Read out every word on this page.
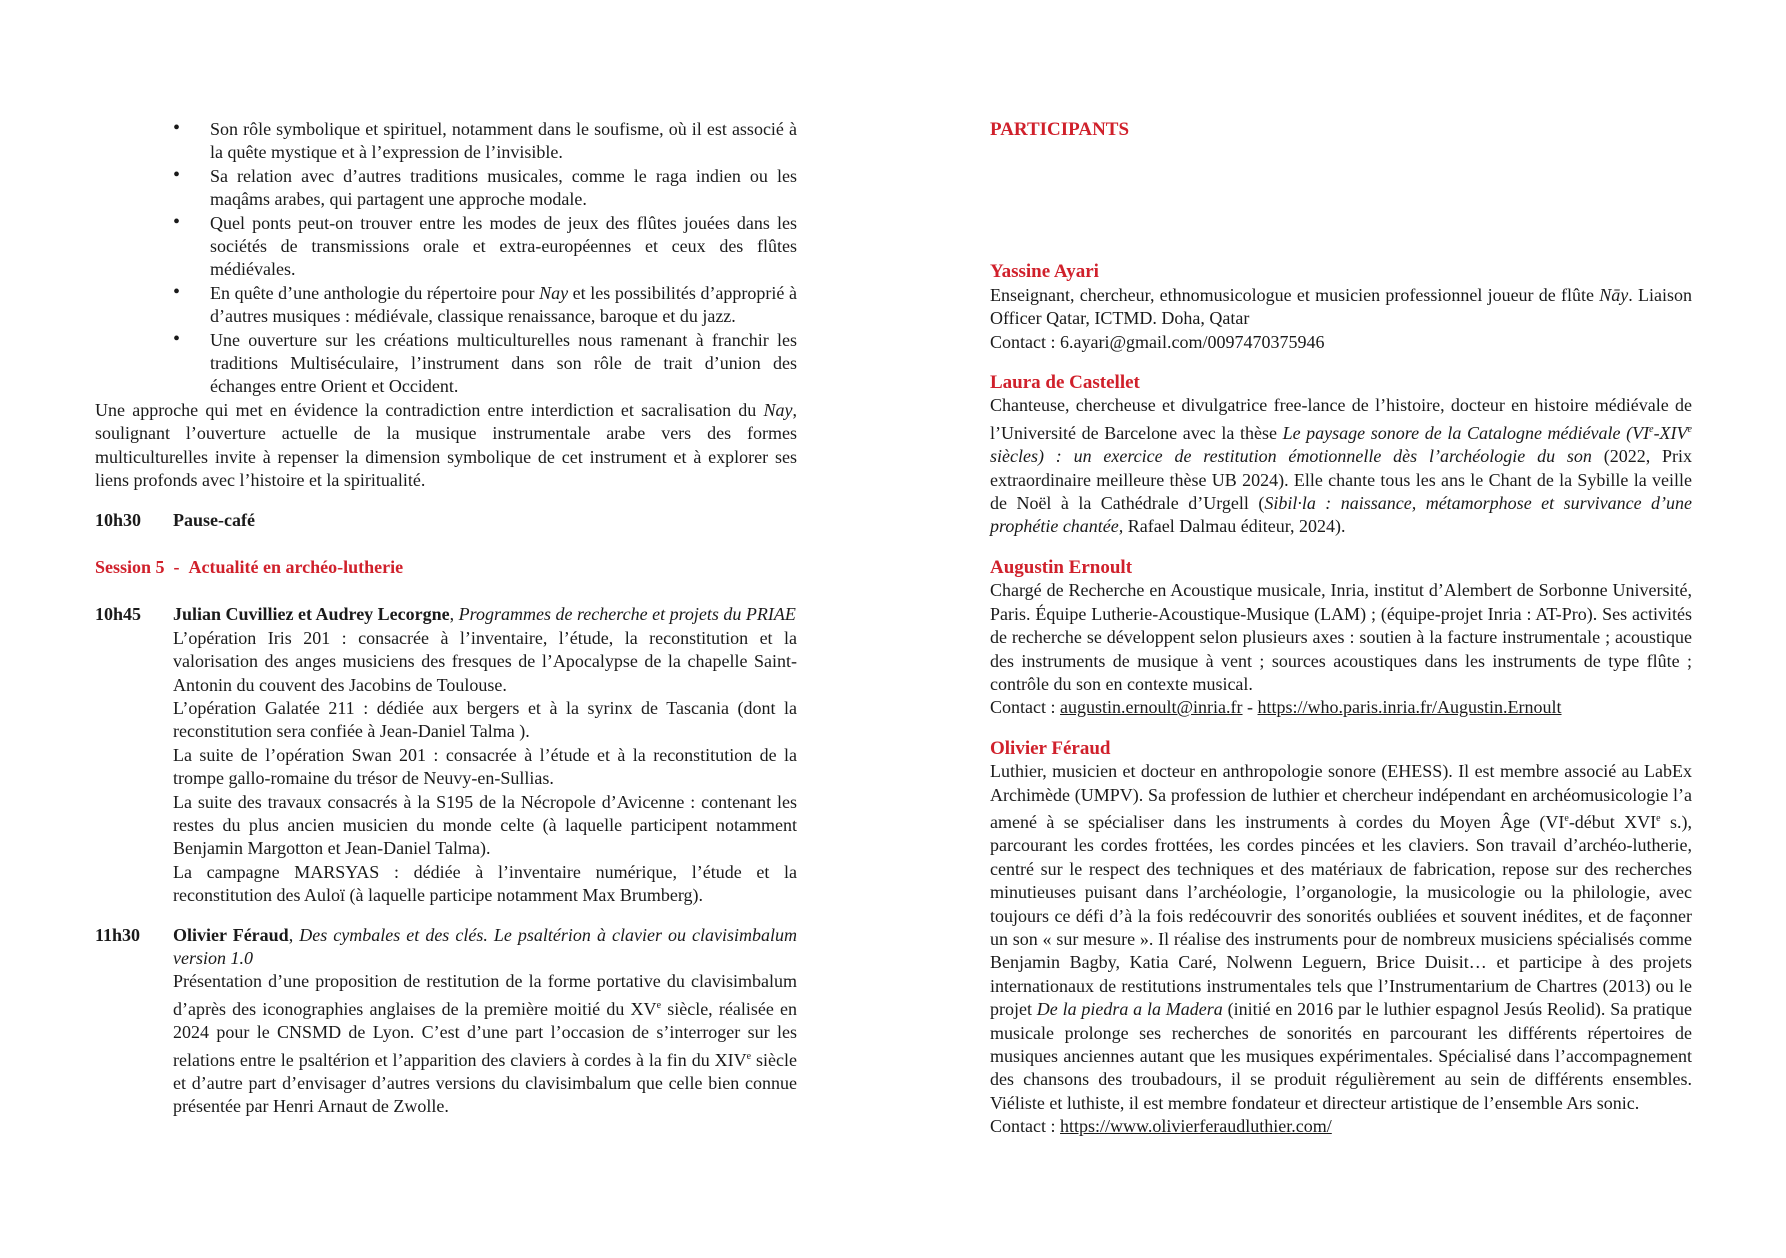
• Son rôle symbolique et spirituel, notamment dans le soufisme, où il est associé à la quête mystique et à l’expression de l’invisible.
• Sa relation avec d’autres traditions musicales, comme le raga indien ou les maqâms arabes, qui partagent une approche modale.
• Quel ponts peut-on trouver entre les modes de jeux des flûtes jouées dans les sociétés de transmissions orale et extra-européennes et ceux des flûtes médiévales.
• En quête d’une anthologie du répertoire pour Nay et les possibilités d’approprié à d’autres musiques : médiévale, classique renaissance, baroque et du jazz.
• Une ouverture sur les créations multiculturelles nous ramenant à franchir les traditions Multiséculaire, l’instrument dans son rôle de trait d’union des échanges entre Orient et Occident.

Une approche qui met en évidence la contradiction entre interdiction et sacralisation du Nay, soulignant l’ouverture actuelle de la musique instrumentale arabe vers des formes multiculturelles invite à repenser la dimension symbolique de cet instrument et à explorer ses liens profonds avec l’histoire et la spiritualité.

10h30	Pause-café
Session 5 - Actualité en archéo-lutherie
10h45	Julian Cuvilliez et Audrey Lecorgne, Programmes de recherche et projets du PRIAE
L’opération Iris 201 : consacrée à l’inventaire, l’étude, la reconstitution et la valorisation des anges musiciens des fresques de l’Apocalypse de la chapelle Saint-Antonin du couvent des Jacobins de Toulouse.
L’opération Galatée 211 : dédiée aux bergers et à la syrinx de Tascania (dont la reconstitution sera confiée à Jean-Daniel Talma ).
La suite de l’opération Swan 201 : consacrée à l’étude et à la reconstitution de la trompe gallo-romaine du trésor de Neuvy-en-Sullias.
La suite des travaux consacrés à la S195 de la Nécropole d’Avicenne : contenant les restes du plus ancien musicien du monde celte (à laquelle participent notamment Benjamin Margotton et Jean-Daniel Talma).
La campagne MARSYAS : dédiée à l’inventaire numérique, l’étude et la reconstitution des Auloï (à laquelle participe notamment Max Brumberg).
11h30	Olivier Féraud, Des cymbales et des clés. Le psaltérion à clavier ou clavisimbalum version 1.0
Présentation d’une proposition de restitution de la forme portative du clavisimbalum d’après des iconographies anglaises de la première moitié du XVe siècle, réalisée en 2024 pour le CNSMD de Lyon. C’est d’une part l’occasion de s’interroger sur les relations entre le psaltérion et l’apparition des claviers à cordes à la fin du XIVe siècle et d’autre part d’envisager d’autres versions du clavisimbalum que celle bien connue présentée par Henri Arnaut de Zwolle.
PARTICIPANTS
Yassine Ayari
Enseignant, chercheur, ethnomusicologue et musicien professionnel joueur de flûte Nāy. Liaison Officer Qatar, ICTMD. Doha, Qatar
Contact : 6.ayari@gmail.com/0097470375946
Laura de Castellet
Chanteuse, chercheuse et divulgatrice free-lance de l’histoire, docteur en histoire médiévale de l’Université de Barcelone avec la thèse Le paysage sonore de la Catalogne médiévale (VIe-XIVe siècles) : un exercice de restitution émotionnelle dès l’archéologie du son (2022, Prix extraordinaire meilleure thèse UB 2024). Elle chante tous les ans le Chant de la Sybille la veille de Noël à la Cathédrale d’Urgell (Sibil·la : naissance, métamorphose et survivance d’une prophétie chantée, Rafael Dalmau éditeur, 2024).
Augustin Ernoult
Chargé de Recherche en Acoustique musicale, Inria, institut d’Alembert de Sorbonne Université, Paris. Équipe Lutherie-Acoustique-Musique (LAM) ; (équipe-projet Inria : AT-Pro). Ses activités de recherche se développent selon plusieurs axes : soutien à la facture instrumentale ; acoustique des instruments de musique à vent ; sources acoustiques dans les instruments de type flûte ; contrôle du son en contexte musical.
Contact : augustin.ernoult@inria.fr - https://who.paris.inria.fr/Augustin.Ernoult
Olivier Féraud
Luthier, musicien et docteur en anthropologie sonore (EHESS). Il est membre associé au LabEx Archimède (UMPV). Sa profession de luthier et chercheur indépendant en archéomusicologie l’a amené à se spécialiser dans les instruments à cordes du Moyen Âge (VIe-début XVIe s.), parcourant les cordes frottées, les cordes pincées et les claviers. Son travail d’archéo-lutherie, centré sur le respect des techniques et des matériaux de fabrication, repose sur des recherches minutieuses puisant dans l’archéologie, l’organologie, la musicologie ou la philologie, avec toujours ce défi d’à la fois redécouvrir des sonorités oubliées et souvent inédites, et de façonner un son « sur mesure ». Il réalise des instruments pour de nombreux musiciens spécialisés comme Benjamin Bagby, Katia Caré, Nolwenn Leguern, Brice Duisit… et participe à des projets internationaux de restitutions instrumentales tels que l’Instrumentarium de Chartres (2013) ou le projet De la piedra a la Madera (initié en 2016 par le luthier espagnol Jesús Reolid). Sa pratique musicale prolonge ses recherches de sonorités en parcourant les différents répertoires de musiques anciennes autant que les musiques expérimentales. Spécialisé dans l’accompagnement des chansons des troubadours, il se produit régulièrement au sein de différents ensembles. Viéliste et luthiste, il est membre fondateur et directeur artistique de l’ensemble Ars sonic.
Contact : https://www.olivierferaudluthier.com/
